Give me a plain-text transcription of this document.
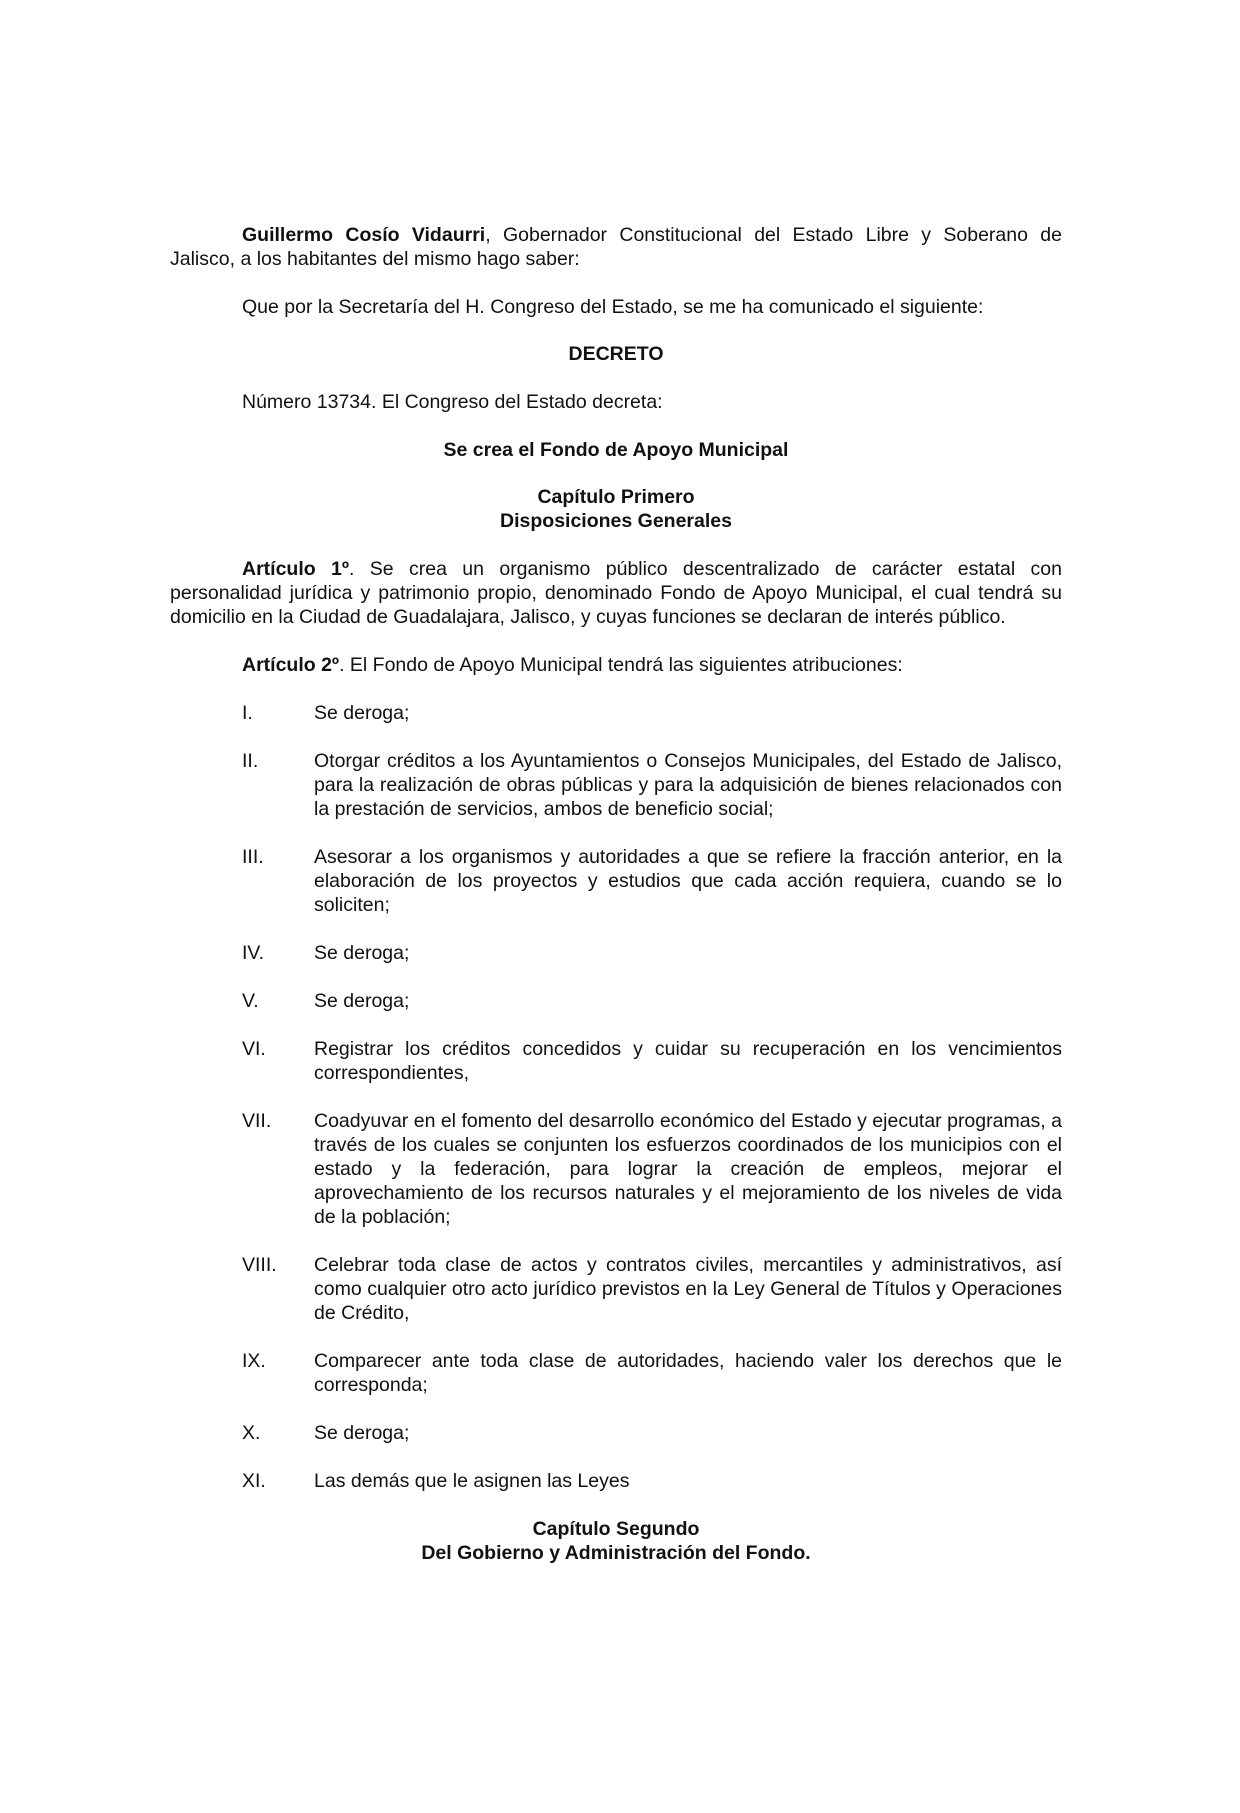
Guillermo Cosío Vidaurri, Gobernador Constitucional del Estado Libre y Soberano de Jalisco, a los habitantes del mismo hago saber:

Que por la Secretaría del H. Congreso del Estado, se me ha comunicado el siguiente:

DECRETO

Número 13734. El Congreso del Estado decreta:

Se crea el Fondo de Apoyo Municipal

Capítulo Primero

Disposiciones Generales

Artículo 1º. Se crea un organismo público descentralizado de carácter estatal con personalidad jurídica y patrimonio propio, denominado Fondo de Apoyo Municipal, el cual tendrá su domicilio en la Ciudad de Guadalajara, Jalisco, y cuyas funciones se declaran de interés público.

Artículo 2º. El Fondo de Apoyo Municipal tendrá las siguientes atribuciones:

I.	Se deroga;
II.	Otorgar créditos a los Ayuntamientos o Consejos Municipales, del Estado de Jalisco, para la realización de obras públicas y para la adquisición de bienes relacionados con la prestación de servicios, ambos de beneficio social;
III.	Asesorar a los organismos y autoridades a que se refiere la fracción anterior, en la elaboración de los proyectos y estudios que cada acción requiera, cuando se lo soliciten;
IV.	Se deroga;
V.	Se deroga;
VI.	Registrar los créditos concedidos y cuidar su recuperación en los vencimientos correspondientes,
VII.	Coadyuvar en el fomento del desarrollo económico del Estado y ejecutar programas, a través de los cuales se conjunten los esfuerzos coordinados de los municipios con el estado y la federación, para lograr la creación de empleos, mejorar el aprovechamiento de los recursos naturales y el mejoramiento de los niveles de vida de la población;
VIII.	Celebrar toda clase de actos y contratos civiles, mercantiles y administrativos, así como cualquier otro acto jurídico previstos en la Ley General de Títulos y Operaciones de Crédito,
IX.	Comparecer ante toda clase de autoridades, haciendo valer los derechos que le corresponda;
X.	Se deroga;
XI.	Las demás que le asignen las Leyes

Capítulo Segundo

Del Gobierno y Administración del Fondo.
